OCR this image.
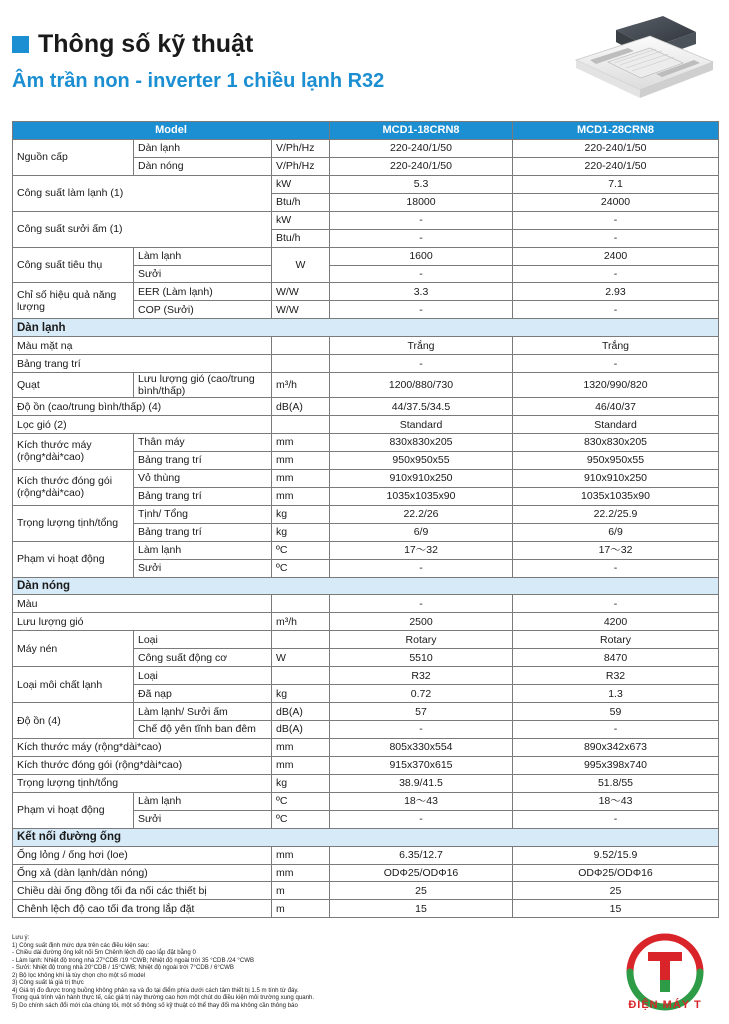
Thông số kỹ thuật
Âm trần non - inverter 1 chiều lạnh R32
Model			MCD1-18CRN8	MCD1-28CRN8
Nguồn cấp	Dàn lạnh	V/Ph/Hz	220-240/1/50	220-240/1/50
	Dàn nóng	V/Ph/Hz	220-240/1/50	220-240/1/50
Công suất làm lạnh (1)		kW	5.3	7.1
		Btu/h	18000	24000
Công suất sưởi ấm (1)		kW	-	-
		Btu/h	-	-
Công suất tiêu thụ	Làm lạnh	W	1600	2400
	Sưởi		-	-
Chỉ số hiệu quả năng lượng	EER (Làm lạnh)	W/W	3.3	2.93
	COP (Sưởi)	W/W	-	-
Dàn lạnh				
Màu mặt nạ			Trắng	Trắng
Bảng trang trí			-	-
Quạt	Lưu lượng gió (cao/trung bình/thấp)	m³/h	1200/880/730	1320/990/820

Độ ồn (cao/trung bình/thấp) (4)		dB(A)	44/37.5/34.5	46/40/37
Lọc gió (2)			Standard	Standard
Kích thước máy (rộng*dài*cao)	Thân máy	mm	830x830x205	830x830x205
	Bảng trang trí	mm	950x950x55	950x950x55
Kích thước đóng gói (rộng*dài*cao)	Vỏ thùng	mm	910x910x250	910x910x250
	Bảng trang trí	mm	1035x1035x90	1035x1035x90
Trọng lượng tịnh/tổng	Tịnh/ Tổng	kg	22.2/26	22.2/25.9
	Bảng trang trí	kg	6/9	6/9
Phạm vi hoạt động	Làm lạnh	ºC	17～32	17～32
	Sưởi	ºC	-	-
Dàn nóng				
Màu			-	-
Lưu lượng gió		m³/h	2500	4200
Máy nén	Loại		Rotary	Rotary
	Công suất động cơ	W	5510	8470
Loại môi chất lạnh	Loại		R32	R32
	Đã nạp	kg	0.72	1.3
Độ ồn (4)	Làm lạnh/ Sưởi ấm	dB(A)	57	59
	Chế độ yên tĩnh ban đêm	dB(A)	-	-
Kích thước máy (rộng*dài*cao)		mm	805x330x554	890x342x673
Kích thước đóng gói (rộng*dài*cao)		mm	915x370x615	995x398x740
Trọng lượng tịnh/tổng		kg	38.9/41.5	51.8/55
Phạm vi hoạt động	Làm lạnh	ºC	18～43	18～43
	Sưởi	ºC	-	-
Kết nối đường ống				
Ống lỏng / ống hơi (loe)		mm	6.35/12.7	9.52/15.9
Ống xả (dàn lạnh/dàn nóng)		mm	ODΦ25/ODΦ16	ODΦ25/ODΦ16
Chiều dài ống đồng tối đa nối các thiết bị		m	25	25
Chênh lệch độ cao tối đa trong lắp đặt		m	15	15
Lưu ý:
1) Công suất định mức dựa trên các điều kiện sau:
- Chiều dài đường ống kết nối 5m Chênh lệch độ cao lắp đặt bằng 0
- Làm lạnh: Nhiệt độ trong nhà 27°CDB /19 °CWB; Nhiệt độ ngoài trời 35 °CDB /24 °CWB
- Sưởi: Nhiệt độ trong nhà 20°CDB / 15°CWB; Nhiệt độ ngoài trời 7°CDB / 6°CWB
2) Bộ lọc không khí là tùy chọn cho một số model
3) Công suất là giá trị thực
4) Giá trị đo được trong buồng không phản xạ và đo tại điểm phía dưới cách tâm thiết bị 1.5 m tính từ đáy.
Trong quá trình vận hành thực tế, các giá trị này thường cao hơn một chút do điều kiện môi trường xung quanh.
5) Do chính sách đổi mới của chúng tôi, một số thông số kỹ thuật có thể thay đổi mà không cần thông báo	ĐIỆN MÁY T
